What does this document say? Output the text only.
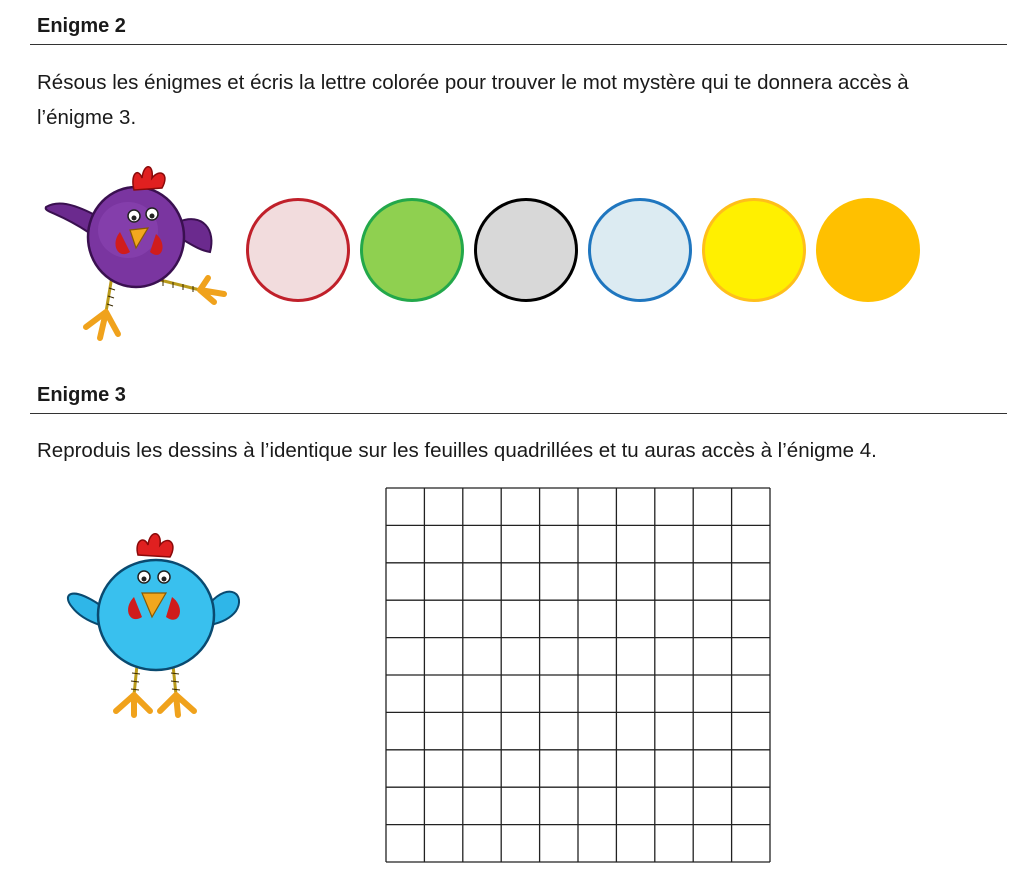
Enigme 2
Résous les énigmes et écris la lettre colorée pour trouver le mot mystère qui te donnera accès à l’énigme 3.
Enigme 3
Reproduis les dessins à l’identique sur les feuilles quadrillées et tu auras accès à l’énigme 4.
